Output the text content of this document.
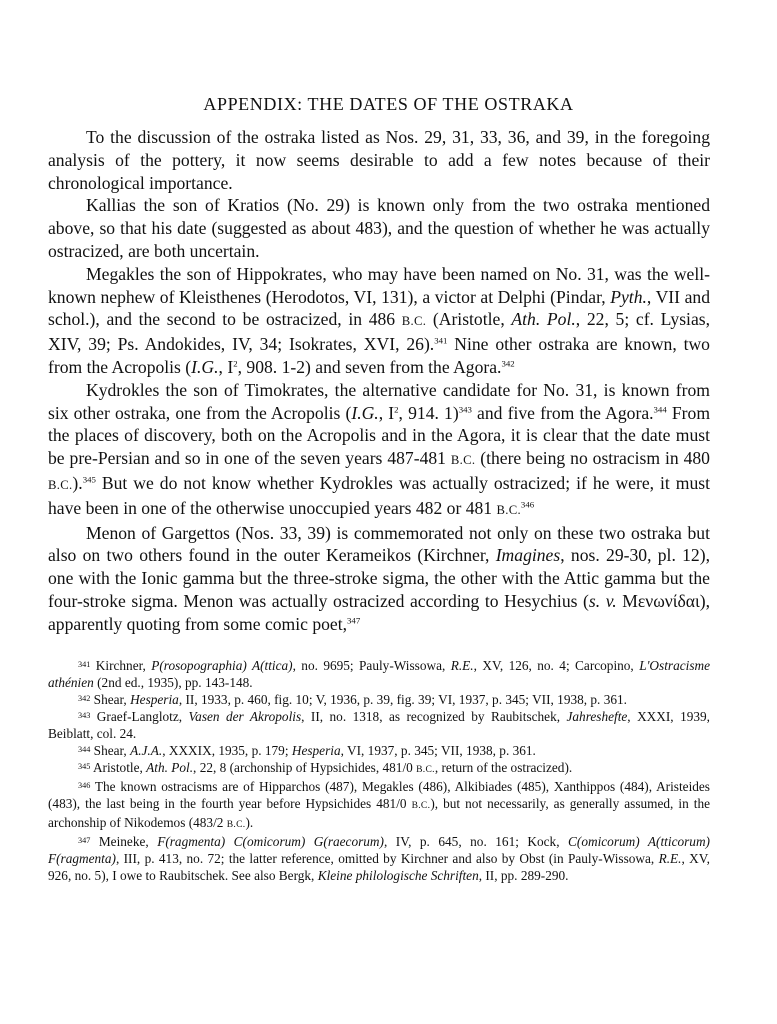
APPENDIX: THE DATES OF THE OSTRAKA

To the discussion of the ostraka listed as Nos. 29, 31, 33, 36, and 39, in the foregoing analysis of the pottery, it now seems desirable to add a few notes because of their chronological importance.

Kallias the son of Kratios (No. 29) is known only from the two ostraka mentioned above, so that his date (suggested as about 483), and the question of whether he was actually ostracized, are both uncertain.

Megakles the son of Hippokrates, who may have been named on No. 31, was the well-known nephew of Kleisthenes (Herodotos, VI, 131), a victor at Delphi (Pindar, Pyth., VII and schol.), and the second to be ostracized, in 486 B.C. (Aristotle, Ath. Pol., 22, 5; cf. Lysias, XIV, 39; Ps. Andokides, IV, 34; Isokrates, XVI, 26).$^{341}$ Nine other ostraka are known, two from the Acropolis (I.G., $I^2$, 908. 1-2) and seven from the Agora.$^{342}$

Kydrokles the son of Timokrates, the alternative candidate for No. 31, is known from six other ostraka, one from the Acropolis (I.G., $I^2$, 914. 1)$^{343}$ and five from the Agora.$^{344}$ From the places of discovery, both on the Acropolis and in the Agora, it is clear that the date must be pre-Persian and so in one of the seven years 487-481 B.C. (there being no ostracism in 480 B.C.).$^{345}$ But we do not know whether Kydrokles was actually ostracized; if he were, it must have been in one of the otherwise unoccupied years 482 or 481 B.C.$^{346}$

Menon of Gargettos (Nos. 33, 39) is commemorated not only on these two ostraka but also on two others found in the outer Kerameikos (Kirchner, Imagines, nos. 29-30, pl. 12), one with the Ionic gamma but the three-stroke sigma, the other with the Attic gamma but the four-stroke sigma. Menon was actually ostracized according to Hesychius (s. v. Μενωνίδαι), apparently quoting from some comic poet,$^{347}$

$^{341}$ Kirchner, P(rosopographia) A(ttica), no. 9695; Pauly-Wissowa, R.E., XV, 126, no. 4; Carcopino, L'Ostracisme athénien (2nd ed., 1935), pp. 143-148.

$^{342}$ Shear, Hesperia, II, 1933, p. 460, fig. 10; V, 1936, p. 39, fig. 39; VI, 1937, p. 345; VII, 1938, p. 361.

$^{343}$ Graef-Langlotz, Vasen der Akropolis, II, no. 1318, as recognized by Raubitschek, Jahreshefte, XXXI, 1939, Beiblatt, col. 24.

$^{344}$ Shear, A.J.A., XXXIX, 1935, p. 179; Hesperia, VI, 1937, p. 345; VII, 1938, p. 361.

$^{345}$ Aristotle, Ath. Pol., 22, 8 (archonship of Hypsichides, 481/0 B.C., return of the ostracized).

$^{346}$ The known ostracisms are of Hipparchos (487), Megakles (486), Alkibiades (485), Xanthippos (484), Aristeides (483), the last being in the fourth year before Hypsichides 481/0 B.C.), but not necessarily, as generally assumed, in the archonship of Nikodemos (483/2 B.C.).

$^{347}$ Meineke, F(ragmenta) C(omicorum) G(raecorum), IV, p. 645, no. 161; Kock, C(omicorum) A(tticorum) F(ragmenta), III, p. 413, no. 72; the latter reference, omitted by Kirchner and also by Obst (in Pauly-Wissowa, R.E., XV, 926, no. 5), I owe to Raubitschek. See also Bergk, Kleine philologische Schriften, II, pp. 289-290.
